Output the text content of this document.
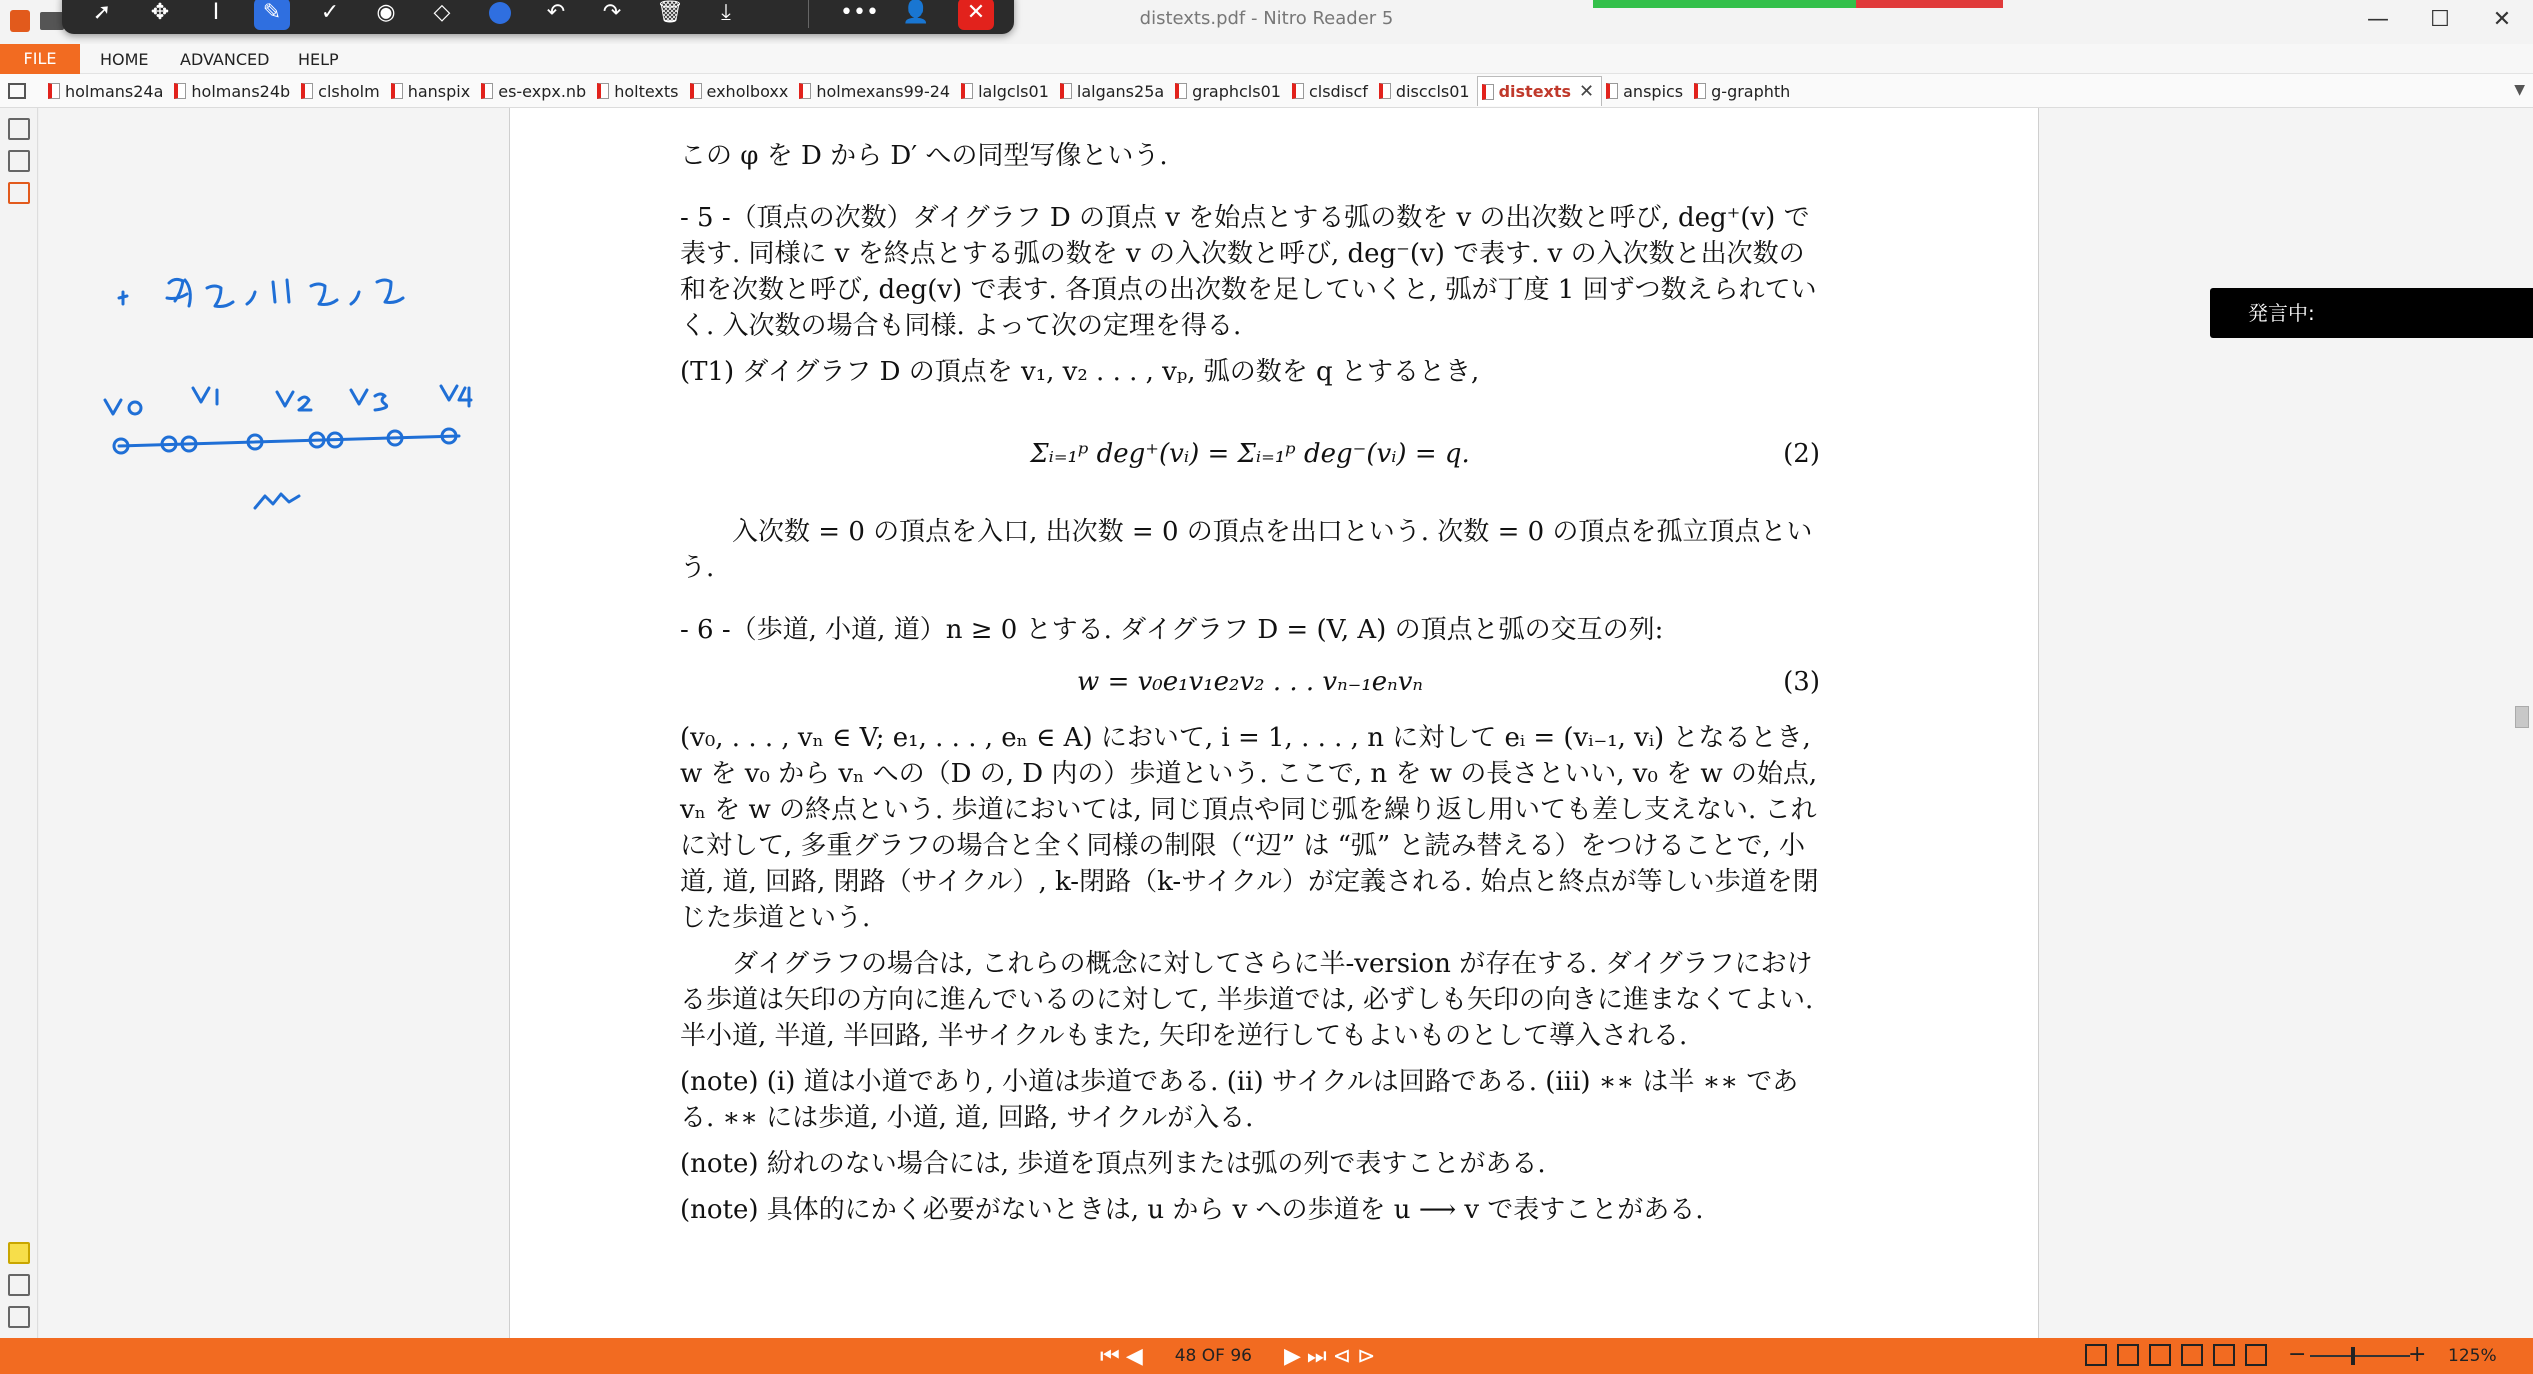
distexts.pdf - Nitro Reader 5	—	☐	✕
➚	✥	I	✎	✓	◉	◇	↶	↷	🗑	⤓	••• 👤	✕
FILE	HOME ADVANCED HELP
holmans24a holmans24b clsholm hanspix es-expx.nb holtexts exholboxx holmexans99-24 lalgcls01 lalgans25a graphcls01 clsdiscf disccls01 distexts ✕ anspics g-graphth	▼

この φ を D から D′ への同型写像という.

- 5 -（頂点の次数）ダイグラフ D の頂点 v を始点とする弧の数を v の出次数と呼び, deg⁺(v) で表す. 同様に v を終点とする弧の数を v の入次数と呼び, deg⁻(v) で表す. v の入次数と出次数の和を次数と呼び, deg(v) で表す. 各頂点の出次数を足していくと, 弧が丁度 1 回ずつ数えられていく. 入次数の場合も同様. よって次の定理を得る.

(T1) ダイグラフ D の頂点を v₁, v₂ . . . , vₚ, 弧の数を q とするとき,

Σᵢ₌₁ᵖ deg⁺(vᵢ) = Σᵢ₌₁ᵖ deg⁻(vᵢ) = q.	(2)

入次数 = 0 の頂点を入口, 出次数 = 0 の頂点を出口という. 次数 = 0 の頂点を孤立頂点という.

- 6 -（歩道, 小道, 道）n ≥ 0 とする. ダイグラフ D = (V, A) の頂点と弧の交互の列:

w = v₀e₁v₁e₂v₂ . . . vₙ₋₁eₙvₙ	(3)

(v₀, . . . , vₙ ∈ V; e₁, . . . , eₙ ∈ A) において, i = 1, . . . , n に対して eᵢ = (vᵢ₋₁, vᵢ) となるとき, w を v₀ から vₙ への（D の, D 内の）歩道という. ここで, n を w の長さといい, v₀ を w の始点, vₙ を w の終点という. 歩道においては, 同じ頂点や同じ弧を繰り返し用いても差し支えない. これに対して, 多重グラフの場合と全く同様の制限（“辺” は “弧” と読み替える）をつけることで, 小道, 道, 回路, 閉路（サイクル）, k-閉路（k-サイクル）が定義される. 始点と終点が等しい歩道を閉じた歩道という.

ダイグラフの場合は, これらの概念に対してさらに半-version が存在する. ダイグラフにおける歩道は矢印の方向に進んでいるのに対して, 半歩道では, 必ずしも矢印の向きに進まなくてよい. 半小道, 半道, 半回路, 半サイクルもまた, 矢印を逆行してもよいものとして導入される.

(note) (i) 道は小道であり, 小道は歩道である. (ii) サイクルは回路である. (iii) ∗∗ は半 ∗∗ である. ∗∗ には歩道, 小道, 道, 回路, サイクルが入る.

(note) 紛れのない場合には, 歩道を頂点列または弧の列で表すことがある.

(note) 具体的にかく必要がないときは, u から v への歩道を u ⟶ v で表すことがある.

発言中:
⏮ ◀ 48 OF 96 ▶ ⏭ ⊲ ⊳	−	+ 125%
